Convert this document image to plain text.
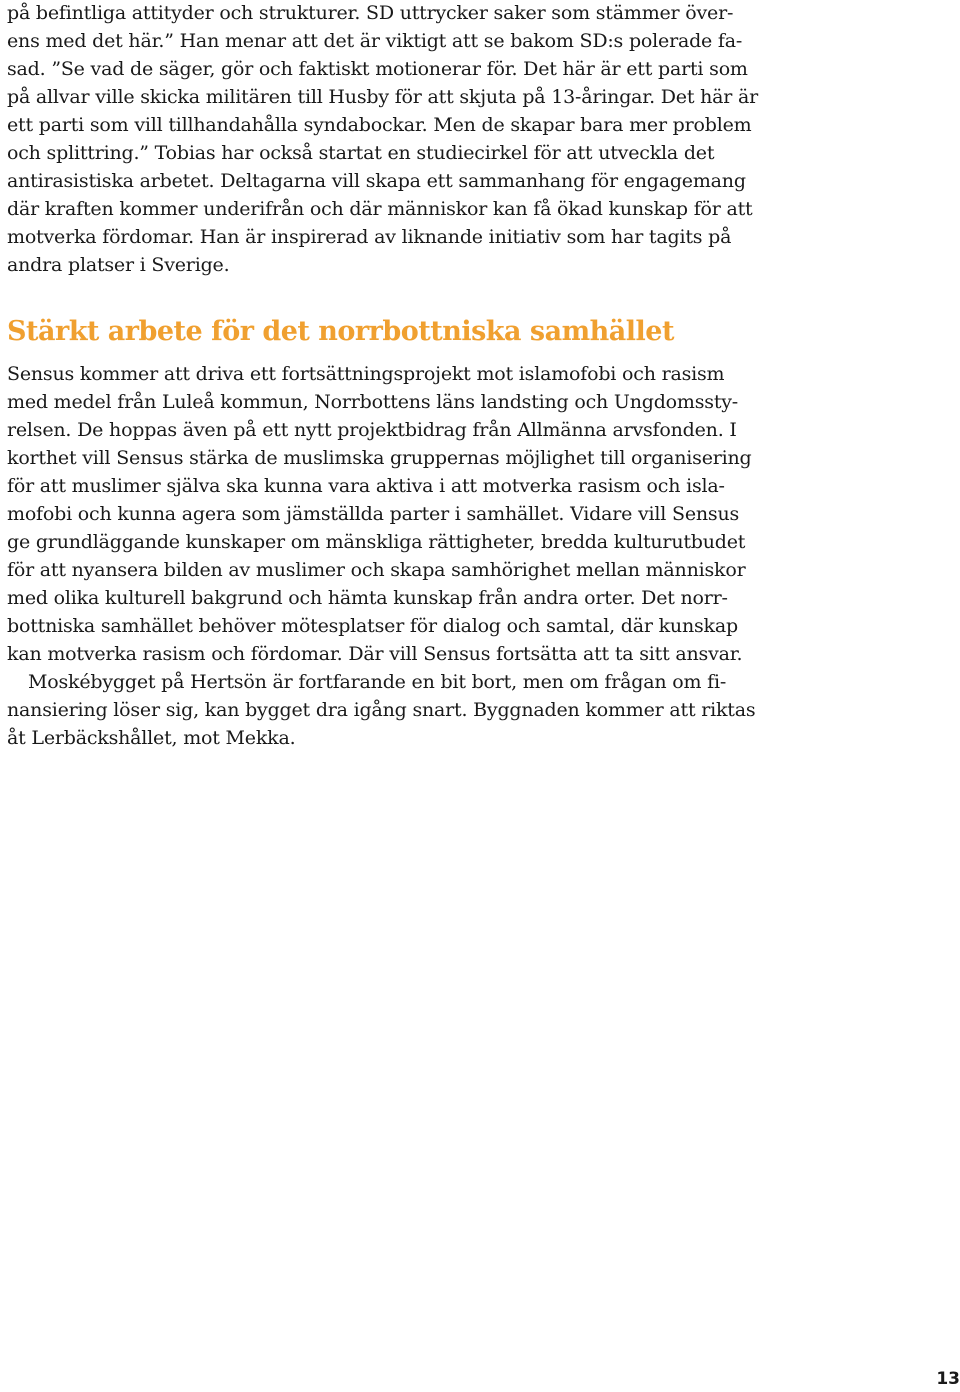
på befintliga attityder och strukturer. SD uttrycker saker som stämmer över-
ens med det här.” Han menar att det är viktigt att se bakom SD:s polerade fa-
sad. ”Se vad de säger, gör och faktiskt motionerar för. Det här är ett parti som
på allvar ville skicka militären till Husby för att skjuta på 13-åringar. Det här är
ett parti som vill tillhandahålla syndabockar. Men de skapar bara mer problem
och splittring.” Tobias har också startat en studiecirkel för att utveckla det
antirasistiska arbetet. Deltagarna vill skapa ett sammanhang för engagemang
där kraften kommer underifrån och där människor kan få ökad kunskap för att
motverka fördomar. Han är inspirerad av liknande initiativ som har tagits på
andra platser i Sverige.
Stärkt arbete för det norrbottniska samhället
Sensus kommer att driva ett fortsättningsprojekt mot islamofobi och rasism
med medel från Luleå kommun, Norrbottens läns landsting och Ungdomssty-
relsen. De hoppas även på ett nytt projektbidrag från Allmänna arvsfonden. I
korthet vill Sensus stärka de muslimska gruppernas möjlighet till organisering
för att muslimer själva ska kunna vara aktiva i att motverka rasism och isla-
mofobi och kunna agera som jämställda parter i samhället. Vidare vill Sensus
ge grundläggande kunskaper om mänskliga rättigheter, bredda kulturutbudet
för att nyansera bilden av muslimer och skapa samhörighet mellan människor
med olika kulturell bakgrund och hämta kunskap från andra orter. Det norr-
bottniska samhället behöver mötesplatser för dialog och samtal, där kunskap
kan motverka rasism och fördomar. Där vill Sensus fortsätta att ta sitt ansvar.
Moskébygget på Hertsön är fortfarande en bit bort, men om frågan om fi-
nansiering löser sig, kan bygget dra igång snart. Byggnaden kommer att riktas
åt Lerbäckshållet, mot Mekka.
13
